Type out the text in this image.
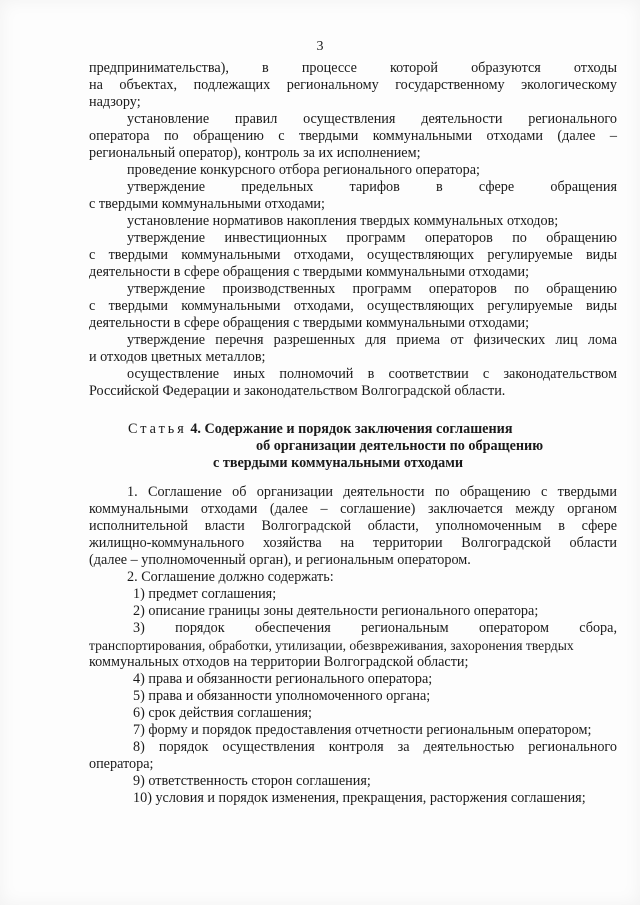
3
предпринимательства), в процессе которой образуются отходы
на объектах, подлежащих региональному государственному экологическому
надзору;
установление правил осуществления деятельности регионального
оператора по обращению с твердыми коммунальными отходами (далее –
региональный оператор), контроль за их исполнением;
проведение конкурсного отбора регионального оператора;
утверждение предельных тарифов в сфере обращения
с твердыми коммунальными отходами;
установление нормативов накопления твердых коммунальных отходов;
утверждение инвестиционных программ операторов по обращению
с твердыми коммунальными отходами, осуществляющих регулируемые виды
деятельности в сфере обращения с твердыми коммунальными отходами;
утверждение производственных программ операторов по обращению
с твердыми коммунальными отходами, осуществляющих регулируемые виды
деятельности в сфере обращения с твердыми коммунальными отходами;
утверждение перечня разрешенных для приема от физических лиц лома
и отходов цветных металлов;
осуществление иных полномочий в соответствии с законодательством
Российской Федерации и законодательством Волгоградской области.
Статья 4. Содержание и порядок заключения соглашения
об организации деятельности по обращению
с твердыми коммунальными отходами
1. Соглашение об организации деятельности по обращению с твердыми
коммунальными отходами (далее – соглашение) заключается между органом
исполнительной власти Волгоградской области, уполномоченным в сфере
жилищно-коммунального хозяйства на территории Волгоградской области
(далее – уполномоченный орган), и региональным оператором.
2. Соглашение должно содержать:
1) предмет соглашения;
2) описание границы зоны деятельности регионального оператора;
3) порядок обеспечения региональным оператором сбора,
транспортирования, обработки, утилизации, обезвреживания, захоронения твердых
коммунальных отходов на территории Волгоградской области;
4) права и обязанности регионального оператора;
5) права и обязанности уполномоченного органа;
6) срок действия соглашения;
7) форму и порядок предоставления отчетности региональным оператором;
8) порядок осуществления контроля за деятельностью регионального
оператора;
9) ответственность сторон соглашения;
10) условия и порядок изменения, прекращения, расторжения соглашения;
